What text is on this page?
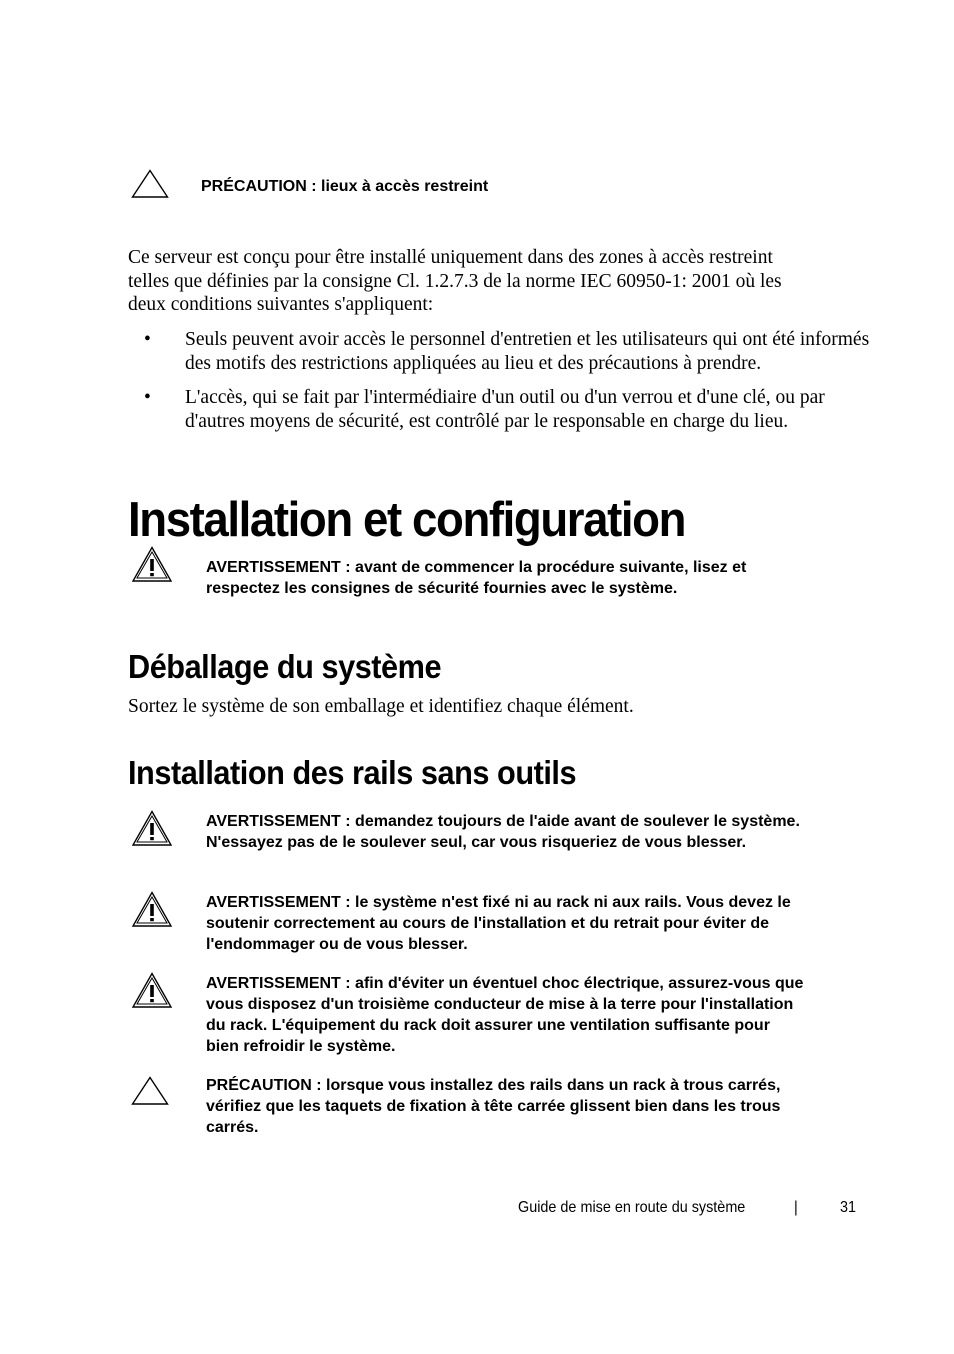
PRÉCAUTION : lieux à accès restreint

Ce serveur est conçu pour être installé uniquement dans des zones à accès restreint telles que définies par la consigne Cl. 1.2.7.3 de la norme IEC 60950-1: 2001 où les deux conditions suivantes s'appliquent:

• Seuls peuvent avoir accès le personnel d'entretien et les utilisateurs qui ont été informés des motifs des restrictions appliquées au lieu et des précautions à prendre.
• L'accès, qui se fait par l'intermédiaire d'un outil ou d'un verrou et d'une clé, ou par d'autres moyens de sécurité, est contrôlé par le responsable en charge du lieu.
Installation et configuration
AVERTISSEMENT : avant de commencer la procédure suivante, lisez et respectez les consignes de sécurité fournies avec le système.
Déballage du système

Sortez le système de son emballage et identifiez chaque élément.

Installation des rails sans outils
AVERTISSEMENT : demandez toujours de l'aide avant de soulever le système. N'essayez pas de le soulever seul, car vous risqueriez de vous blesser.
AVERTISSEMENT : le système n'est fixé ni au rack ni aux rails. Vous devez le soutenir correctement au cours de l'installation et du retrait pour éviter de l'endommager ou de vous blesser.
AVERTISSEMENT : afin d'éviter un éventuel choc électrique, assurez-vous que vous disposez d'un troisième conducteur de mise à la terre pour l'installation du rack. L'équipement du rack doit assurer une ventilation suffisante pour bien refroidir le système.
PRÉCAUTION : lorsque vous installez des rails dans un rack à trous carrés, vérifiez que les taquets de fixation à tête carrée glissent bien dans les trous carrés.
Guide de mise en route du système	|	31
